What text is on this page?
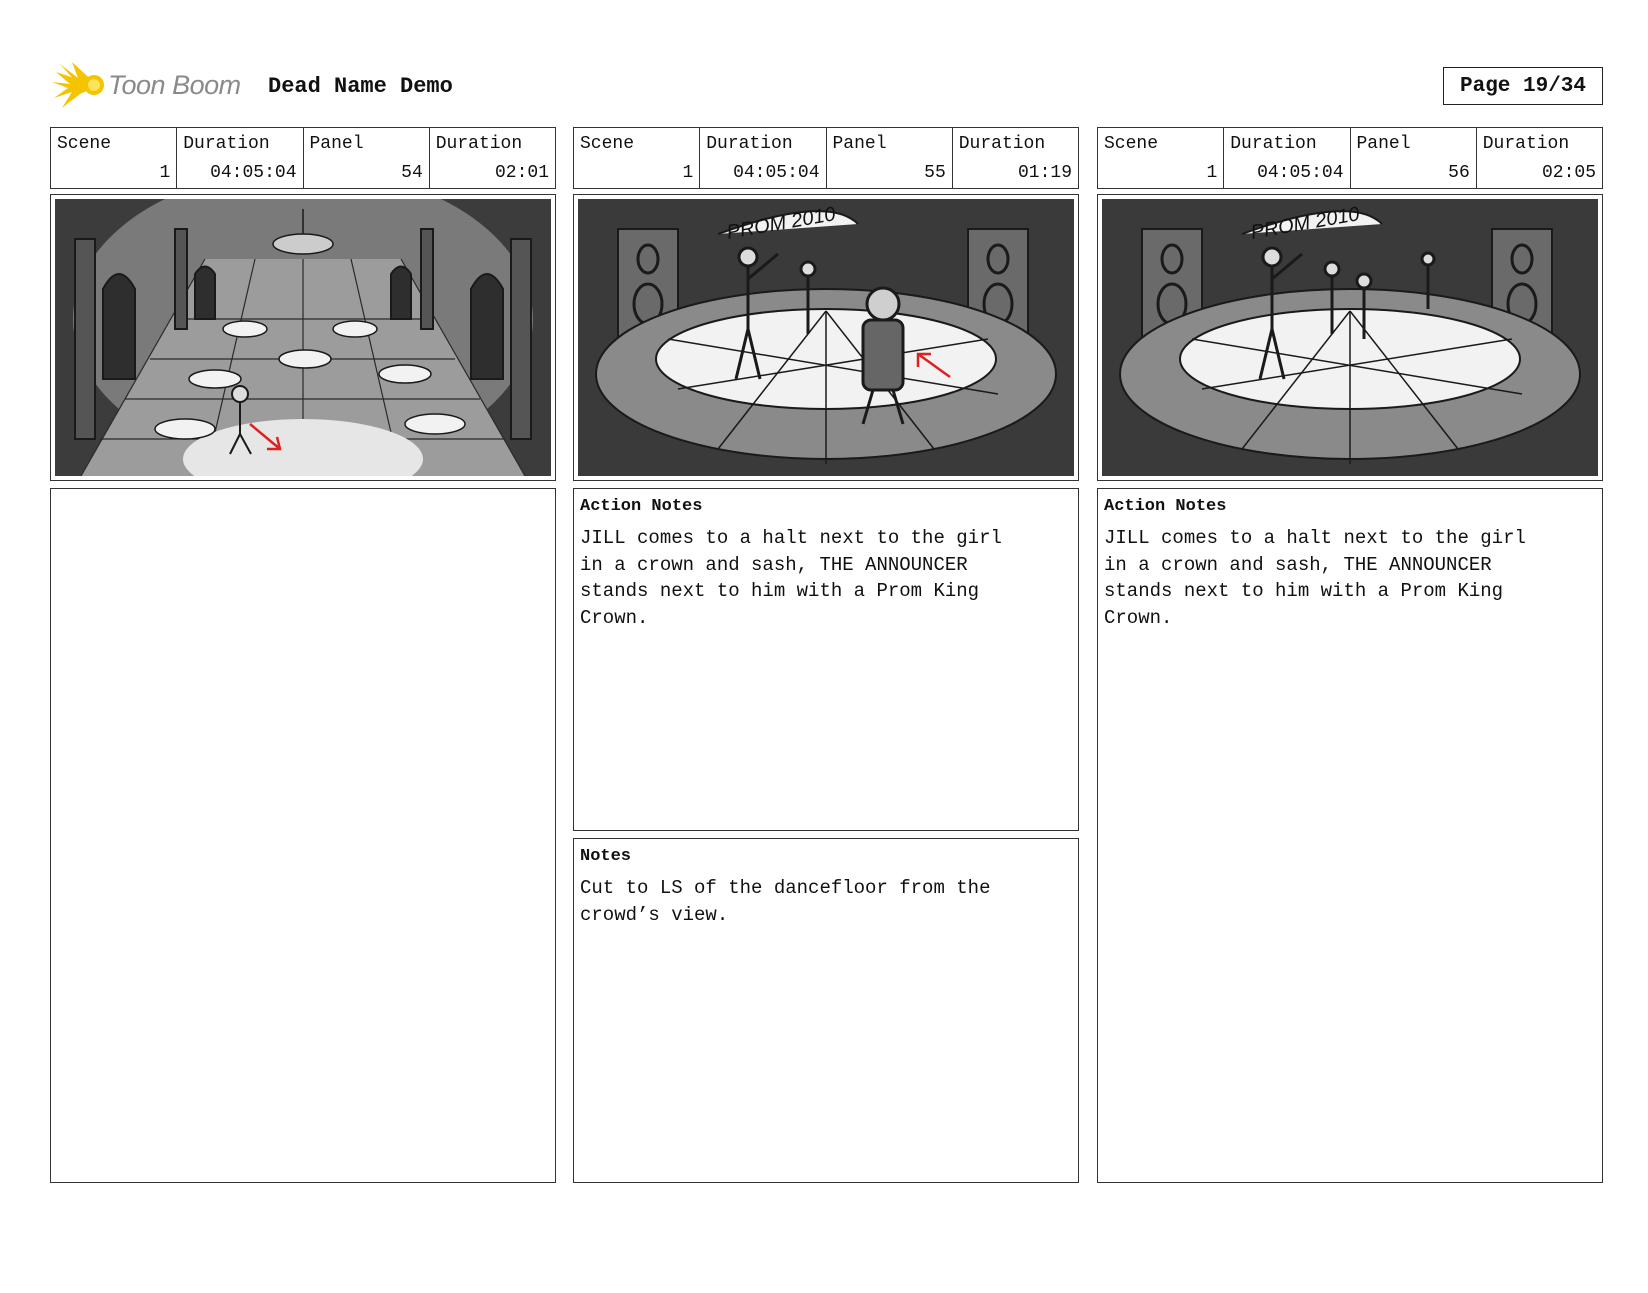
Toon Boom Dead Name Demo	Page 19/34
Scene
1
Duration
04:05:04
Panel
54
Duration
02:01
Scene
1
Duration
04:05:04
Panel
55
Duration
01:19
PROM 2010
Action Notes
JILL comes to a halt next to the girl
in a crown and sash, THE ANNOUNCER
stands next to him with a Prom King
Crown.
Notes
Cut to LS of the dancefloor from the
crowd’s view.
Scene
1
Duration
04:05:04
Panel
56
Duration
02:05
PROM 2010
Action Notes
JILL comes to a halt next to the girl
in a crown and sash, THE ANNOUNCER
stands next to him with a Prom King
Crown.
